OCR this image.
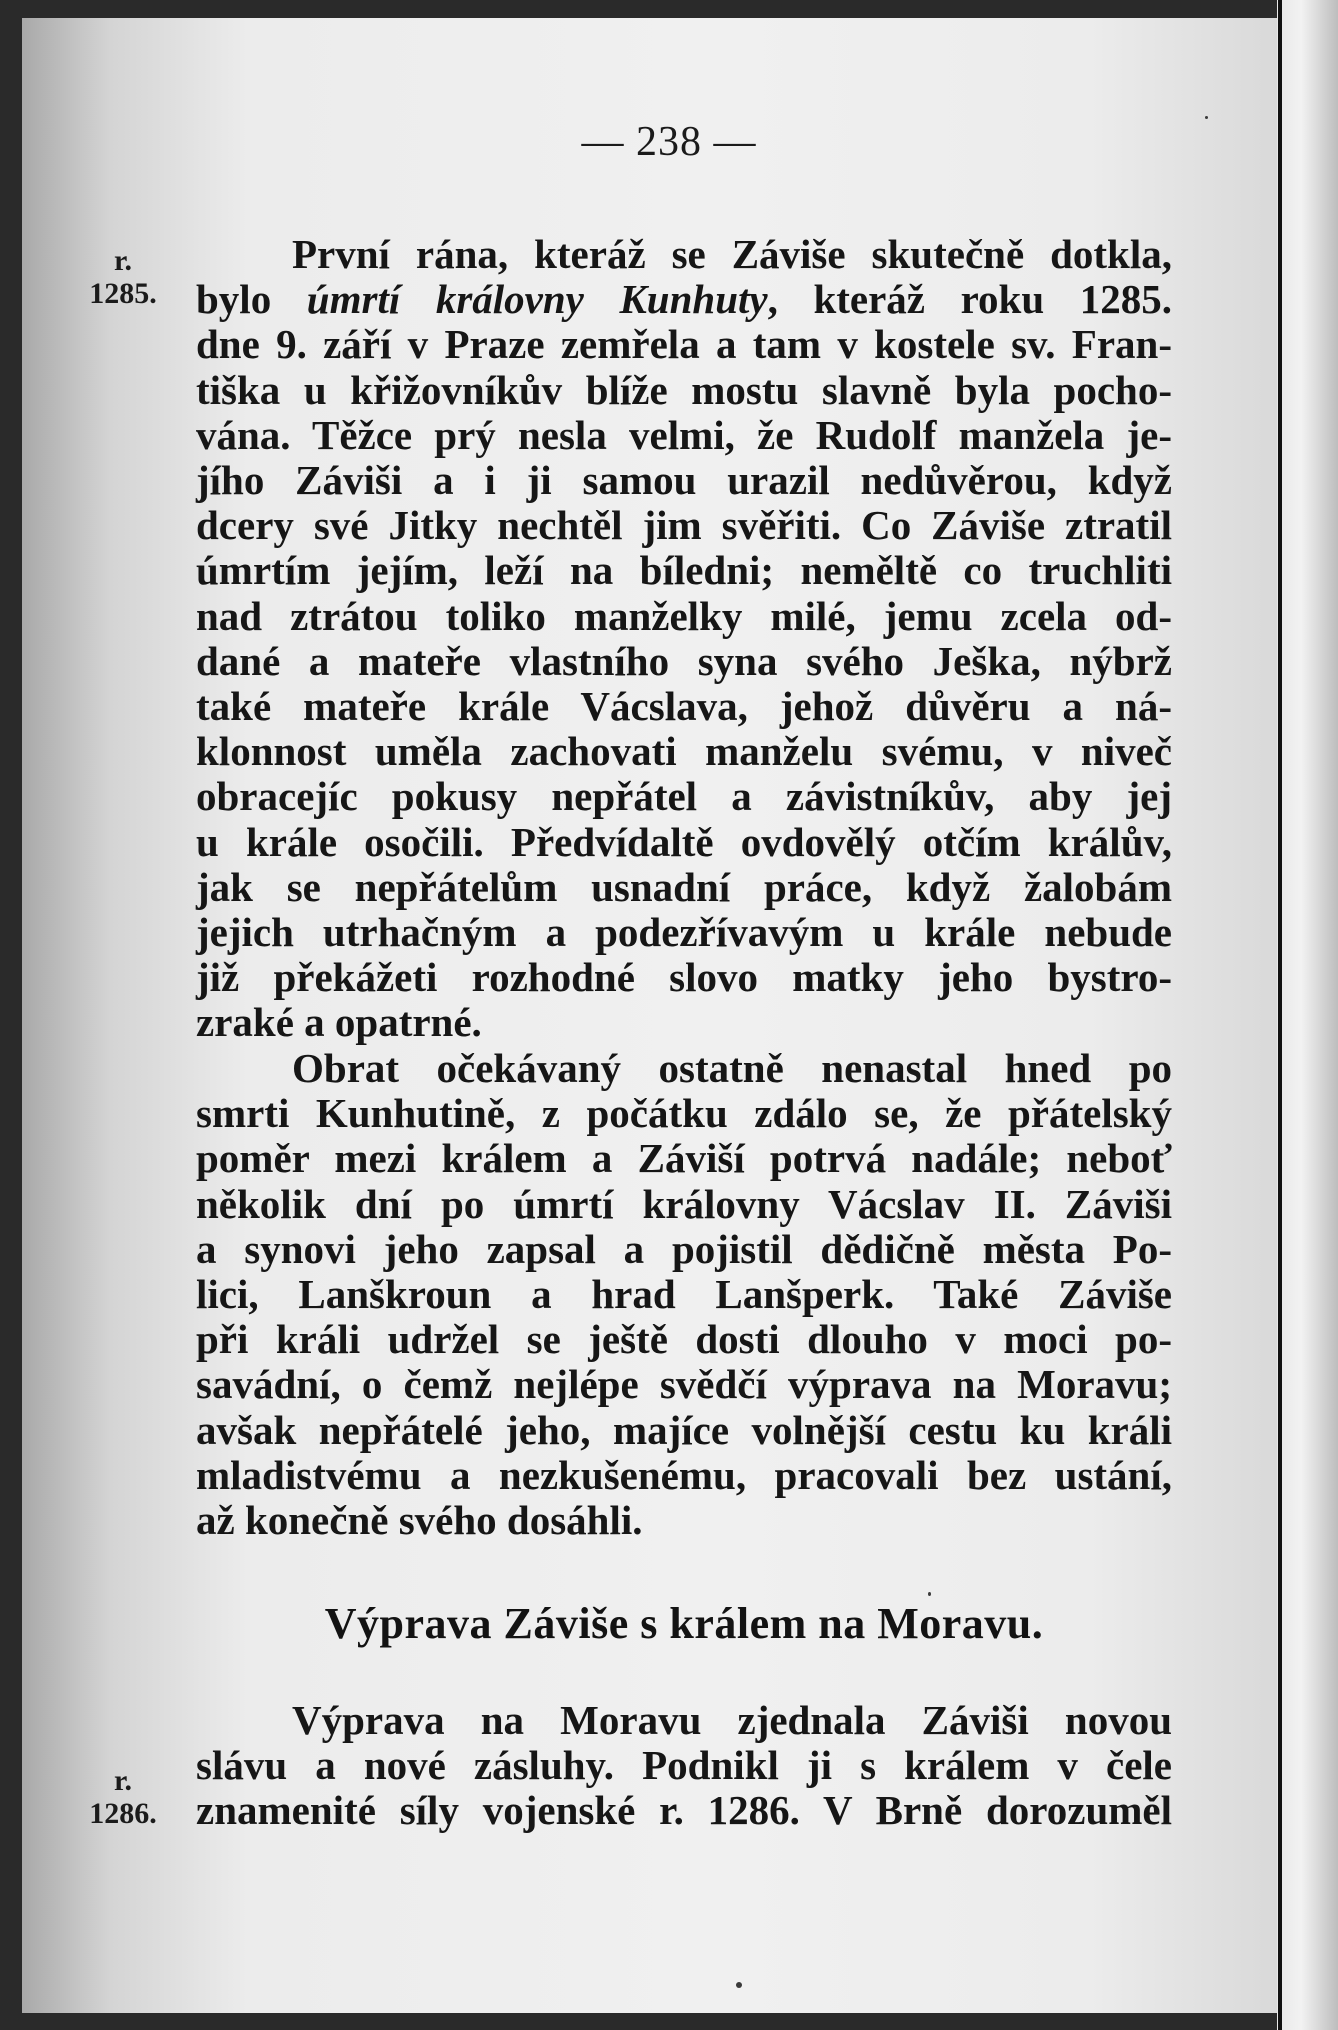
— 238 —
r.
1285.
r.
1286.
První rána, kteráž se Záviše skutečně dotkla,
bylo úmrtí královny Kunhuty, kteráž roku 1285.
dne 9. září v Praze zemřela a tam v kostele sv. Fran-
tiška u křižovníkův blíže mostu slavně byla pocho-
vána. Těžce prý nesla velmi, že Rudolf manžela je-
jího Záviši a i ji samou urazil nedůvěrou, když
dcery své Jitky nechtěl jim svěřiti. Co Záviše ztratil
úmrtím jejím, leží na bíledni; neměltě co truchliti
nad ztrátou toliko manželky milé, jemu zcela od-
dané a mateře vlastního syna svého Ješka, nýbrž
také mateře krále Vácslava, jehož důvěru a ná-
klonnost uměla zachovati manželu svému, v niveč
obracejíc pokusy nepřátel a závistníkův, aby jej
u krále osočili. Předvídaltě ovdovělý otčím králův,
jak se nepřátelům usnadní práce, když žalobám
jejich utrhačným a podezřívavým u krále nebude
již překážeti rozhodné slovo matky jeho bystro-
zraké a opatrné.
Obrat očekávaný ostatně nenastal hned po
smrti Kunhutině, z počátku zdálo se, že přátelský
poměr mezi králem a Záviší potrvá nadále; neboť
několik dní po úmrtí královny Vácslav II. Záviši
a synovi jeho zapsal a pojistil dědičně města Po-
lici, Lanškroun a hrad Lanšperk. Také Záviše
při králi udržel se ještě dosti dlouho v moci po-
savádní, o čemž nejlépe svědčí výprava na Moravu;
avšak nepřátelé jeho, majíce volnější cestu ku králi
mladistvému a nezkušenému, pracovali bez ustání,
až konečně svého dosáhli.
Výprava Záviše s králem na Moravu.
Výprava na Moravu zjednala Záviši novou
slávu a nové zásluhy. Podnikl ji s králem v čele
znamenité síly vojenské r. 1286. V Brně dorozuměl
